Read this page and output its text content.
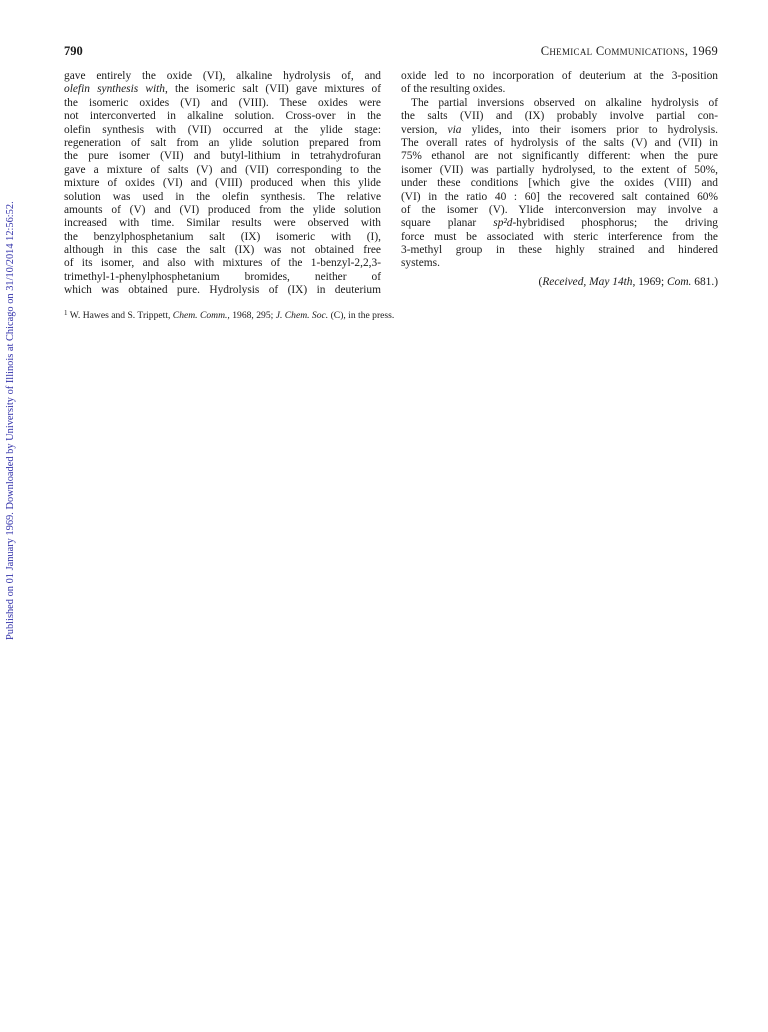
Published on 01 January 1969. Downloaded by University of Illinois at Chicago on 31/10/2014 12:56:52.
790	Chemical Communications, 1969
gave entirely the oxide (VI), alkaline hydrolysis of, and
olefin synthesis with, the isomeric salt (VII) gave mixtures of
the isomeric oxides (VI) and (VIII). These oxides were
not interconverted in alkaline solution. Cross-over in the
olefin synthesis with (VII) occurred at the ylide stage:
regeneration of salt from an ylide solution prepared from
the pure isomer (VII) and butyl-lithium in tetrahydrofuran
gave a mixture of salts (V) and (VII) corresponding to the
mixture of oxides (VI) and (VIII) produced when this ylide
solution was used in the olefin synthesis. The relative
amounts of (V) and (VI) produced from the ylide solution
increased with time. Similar results were observed with
the benzylphosphetanium salt (IX) isomeric with (I),
although in this case the salt (IX) was not obtained free
of its isomer, and also with mixtures of the 1-benzyl-2,2,3-
trimethyl-1-phenylphosphetanium bromides, neither of
which was obtained pure. Hydrolysis of (IX) in deuterium
oxide led to no incorporation of deuterium at the 3-position
of the resulting oxides.
The partial inversions observed on alkaline hydrolysis of
the salts (VII) and (IX) probably involve partial con-
version, via ylides, into their isomers prior to hydrolysis.
The overall rates of hydrolysis of the salts (V) and (VII) in
75% ethanol are not significantly different: when the pure
isomer (VII) was partially hydrolysed, to the extent of 50%,
under these conditions [which give the oxides (VIII) and
(VI) in the ratio 40 : 60] the recovered salt contained 60%
of the isomer (V). Ylide interconversion may involve a
square planar sp²d-hybridised phosphorus; the driving
force must be associated with steric interference from the
3-methyl group in these highly strained and hindered
systems.
(Received, May 14th, 1969; Com. 681.)
$^1$ W. Hawes and S. Trippett, Chem. Comm., 1968, 295; J. Chem. Soc. (C), in the press.
